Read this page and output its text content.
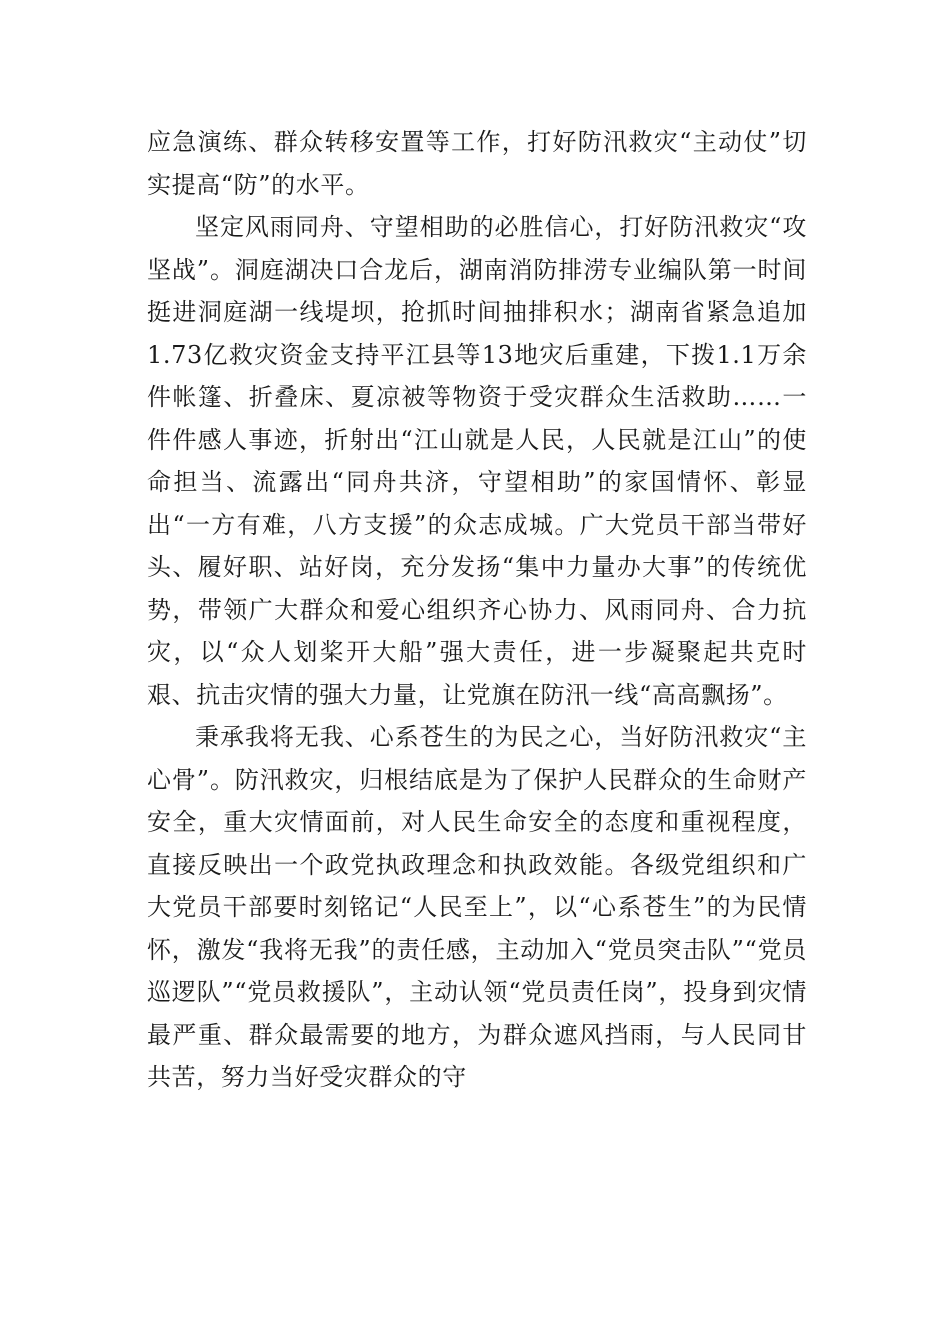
应急演练、群众转移安置等工作，打好防汛救灾“主动仗”切实提高“防”的水平。

坚定风雨同舟、守望相助的必胜信心，打好防汛救灾“攻坚战”。洞庭湖决口合龙后，湖南消防排涝专业编队第一时间挺进洞庭湖一线堤坝，抢抓时间抽排积水；湖南省紧急追加1.73亿救灾资金支持平江县等13地灾后重建，下拨1.1万余件帐篷、折叠床、夏凉被等物资于受灾群众生活救助……一件件感人事迹，折射出“江山就是人民，人民就是江山”的使命担当、流露出“同舟共济，守望相助”的家国情怀、彰显出“一方有难，八方支援”的众志成城。广大党员干部当带好头、履好职、站好岗，充分发扬“集中力量办大事”的传统优势，带领广大群众和爱心组织齐心协力、风雨同舟、合力抗灾，以“众人划桨开大船”强大责任，进一步凝聚起共克时艰、抗击灾情的强大力量，让党旗在防汛一线“高高飘扬”。

秉承我将无我、心系苍生的为民之心，当好防汛救灾“主心骨”。防汛救灾，归根结底是为了保护人民群众的生命财产安全，重大灾情面前，对人民生命安全的态度和重视程度，直接反映出一个政党执政理念和执政效能。各级党组织和广大党员干部要时刻铭记“人民至上”，以“心系苍生”的为民情怀，激发“我将无我”的责任感，主动加入“党员突击队”“党员巡逻队”“党员救援队”，主动认领“党员责任岗”，投身到灾情最严重、群众最需要的地方，为群众遮风挡雨，与人民同甘共苦，努力当好受灾群众的守
